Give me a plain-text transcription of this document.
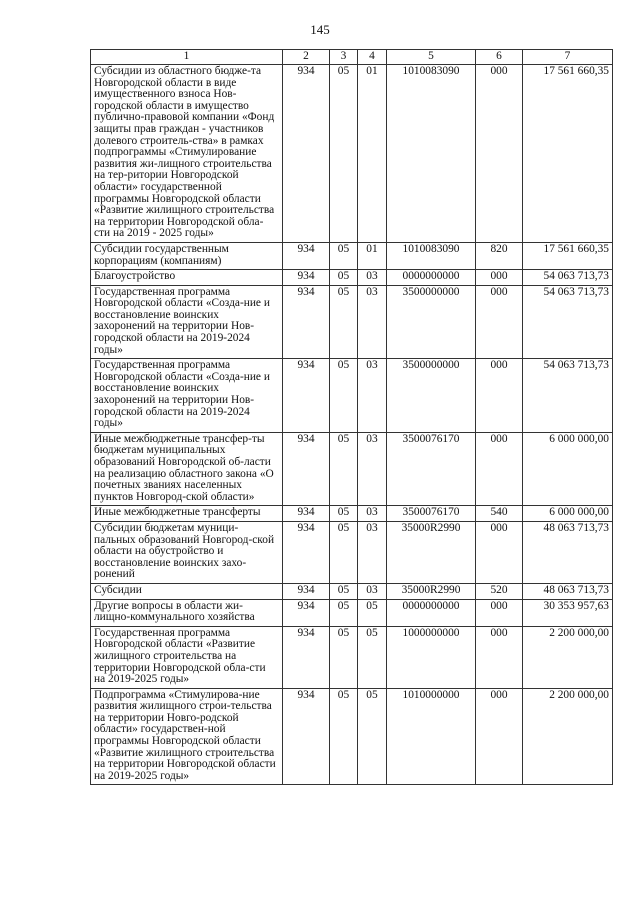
145
1	2	3	4	5	6	7
Субсидии из областного бюдже-та Новгородской области в виде имущественного взноса Нов-городской области в имущество публично-правовой компании «Фонд защиты прав граждан - участников долевого строитель-ства» в рамках подпрограммы «Стимулирование развития жи-лищного строительства на тер-ритории Новгородской области» государственной программы Новгородской области «Развитие жилищного строительства на территории Новгородской обла-сти на 2019 - 2025 годы»	934	05	01	1010083090	000	17 561 660,35
Субсидии государственным корпорациям (компаниям)	934	05	01	1010083090	820	17 561 660,35
Благоустройство	934	05	03	0000000000	000	54 063 713,73
Государственная программа Новгородской области «Созда-ние и восстановление воинских захоронений на территории Нов-городской области на 2019-2024 годы»	934	05	03	3500000000	000	54 063 713,73
Государственная программа Новгородской области «Созда-ние и восстановление воинских захоронений на территории Нов-городской области на 2019-2024 годы»	934	05	03	3500000000	000	54 063 713,73
Иные межбюджетные трансфер-ты бюджетам муниципальных образований Новгородской об-ласти на реализацию областного закона «О почетных званиях населенных пунктов Новгород-ской области»	934	05	03	3500076170	000	6 000 000,00
Иные межбюджетные трансферты	934	05	03	3500076170	540	6 000 000,00
Субсидии бюджетам муници-пальных образований Новгород-ской области на обустройство и восстановление воинских захо-ронений	934	05	03	35000R2990	000	48 063 713,73
Субсидии	934	05	03	35000R2990	520	48 063 713,73
Другие вопросы в области жи-лищно-коммунального хозяйства	934	05	05	0000000000	000	30 353 957,63
Государственная программа Новгородской области «Развитие жилищного строительства на территории Новгородской обла-сти на 2019-2025 годы»	934	05	05	1000000000	000	2 200 000,00
Подпрограмма «Стимулирова-ние развития жилищного строи-тельства на территории Новго-родской области» государствен-ной программы Новгородской области «Развитие жилищного строительства на территории Новгородской области на 2019-2025 годы»	934	05	05	1010000000	000	2 200 000,00
